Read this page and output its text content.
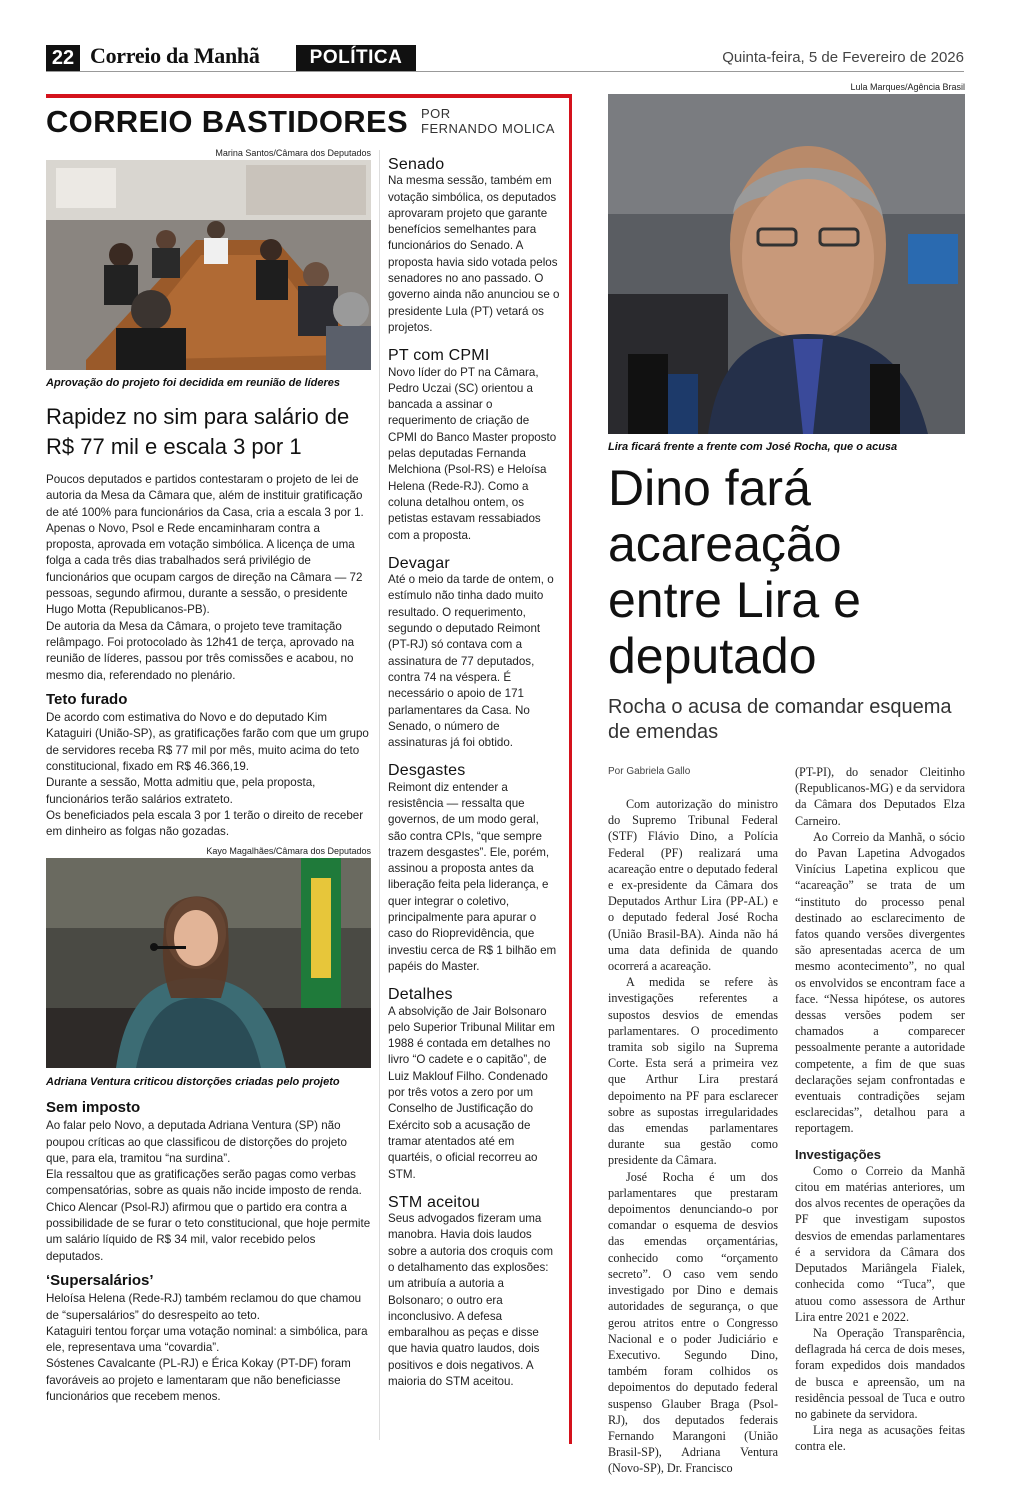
22 Correio da Manhã	POLÍTICA	Quinta-feira, 5 de Fevereiro de 2026
CORREIO BASTIDORES POR
FERNANDO MOLICA
Marina Santos/Câmara dos Deputados
Aprovação do projeto foi decidida em reunião de líderes
Rapidez no sim para salário de R$ 77 mil e escala 3 por 1

Poucos deputados e partidos contestaram o projeto de lei de autoria da Mesa da Câmara que, além de instituir gratificação de até 100% para funcionários da Casa, cria a escala 3 por 1. Apenas o Novo, Psol e Rede encaminharam contra a proposta, aprovada em votação simbólica. A licença de uma folga a cada três dias trabalhados será privilégio de funcionários que ocupam cargos de direção na Câmara — 72 pessoas, segundo afirmou, durante a sessão, o presidente Hugo Motta (Republicanos-PB).

De autoria da Mesa da Câmara, o projeto teve tramitação relâmpago. Foi protocolado às 12h41 de terça, aprovado na reunião de líderes, passou por três comissões e acabou, no mesmo dia, referendado no plenário.

Teto furado

De acordo com estimativa do Novo e do deputado Kim Kataguiri (União-SP), as gratificações farão com que um grupo de servidores receba R$ 77 mil por mês, muito acima do teto constitucional, fixado em R$ 46.366,19.

Durante a sessão, Motta admitiu que, pela proposta, funcionários terão salários extrateto.

Os beneficiados pela escala 3 por 1 terão o direito de receber em dinheiro as folgas não gozadas.

Kayo Magalhães/Câmara dos Deputados
Adriana Ventura criticou distorções criadas pelo projeto
Sem imposto

Ao falar pelo Novo, a deputada Adriana Ventura (SP) não poupou críticas ao que classificou de distorções do projeto que, para ela, tramitou “na surdina”.

Ela ressaltou que as gratificações serão pagas como verbas compensatórias, sobre as quais não incide imposto de renda.

Chico Alencar (Psol-RJ) afirmou que o partido era contra a possibilidade de se furar o teto constitucional, que hoje permite um salário líquido de R$ 34 mil, valor recebido pelos deputados.

‘Supersalários’

Heloísa Helena (Rede-RJ) também reclamou do que chamou de “supersalários” do desrespeito ao teto.

Kataguiri tentou forçar uma votação nominal: a simbólica, para ele, representava uma “covardia”.

Sóstenes Cavalcante (PL-RJ) e Érica Kokay (PT-DF) foram favoráveis ao projeto e lamentaram que não beneficiasse funcionários que recebem menos.

Senado

Na mesma sessão, também em votação simbólica, os deputados aprovaram projeto que garante benefícios semelhantes para funcionários do Senado. A proposta havia sido votada pelos senadores no ano passado. O governo ainda não anunciou se o presidente Lula (PT) vetará os projetos.

PT com CPMI

Novo líder do PT na Câmara, Pedro Uczai (SC) orientou a bancada a assinar o requerimento de criação de CPMI do Banco Master proposto pelas deputadas Fernanda Melchiona (Psol-RS) e Heloísa Helena (Rede-RJ). Como a coluna detalhou ontem, os petistas estavam ressabiados com a proposta.

Devagar

Até o meio da tarde de ontem, o estímulo não tinha dado muito resultado. O requerimento, segundo o deputado Reimont (PT-RJ) só contava com a assinatura de 77 deputados, contra 74 na véspera. É necessário o apoio de 171 parlamentares da Casa. No Senado, o número de assinaturas já foi obtido.

Desgastes

Reimont diz entender a resistência — ressalta que governos, de um modo geral, são contra CPIs, “que sempre trazem desgastes”. Ele, porém, assinou a proposta antes da liberação feita pela liderança, e quer integrar o coletivo, principalmente para apurar o caso do Rioprevidência, que investiu cerca de R$ 1 bilhão em papéis do Master.

Detalhes

A absolvição de Jair Bolsonaro pelo Superior Tribunal Militar em 1988 é contada em detalhes no livro “O cadete e o capitão”, de Luiz Maklouf Filho. Condenado por três votos a zero por um Conselho de Justificação do Exército sob a acusação de tramar atentados até em quartéis, o oficial recorreu ao STM.

STM aceitou

Seus advogados fizeram uma manobra. Havia dois laudos sobre a autoria dos croquis com o detalhamento das explosões: um atribuía a autoria a Bolsonaro; o outro era inconclusivo. A defesa embaralhou as peças e disse que havia quatro laudos, dois positivos e dois negativos. A maioria do STM aceitou.

Lula Marques/Agência Brasil
Lira ficará frente a frente com José Rocha, que o acusa
Dino fará acareação entre Lira e deputado
Rocha o acusa de comandar esquema de emendas
Por Gabriela Gallo

Com autorização do ministro do Supremo Tribunal Federal (STF) Flávio Dino, a Polícia Federal (PF) realizará uma acareação entre o deputado federal e ex-presidente da Câmara dos Deputados Arthur Lira (PP-AL) e o deputado federal José Rocha (União Brasil-BA). Ainda não há uma data definida de quando ocorrerá a acareação.

A medida se refere às investigações referentes a supostos desvios de emendas parlamentares. O procedimento tramita sob sigilo na Suprema Corte. Esta será a primeira vez que Arthur Lira prestará depoimento na PF para esclarecer sobre as supostas irregularidades das emendas parlamentares durante sua gestão como presidente da Câmara.

José Rocha é um dos parlamentares que prestaram depoimentos denunciando-o por comandar o esquema de desvios das emendas orçamentárias, conhecido como “orçamento secreto”. O caso vem sendo investigado por Dino e demais autoridades de segurança, o que gerou atritos entre o Congresso Nacional e o poder Judiciário e Executivo. Segundo Dino, também foram colhidos os depoimentos do deputado federal suspenso Glauber Braga (Psol-RJ), dos deputados federais Fernando Marangoni (União Brasil-SP), Adriana Ventura (Novo-SP), Dr. Francisco

(PT-PI), do senador Cleitinho (Republicanos-MG) e da servidora da Câmara dos Deputados Elza Carneiro.

Ao Correio da Manhã, o sócio do Pavan Lapetina Advogados Vinícius Lapetina explicou que “acareação” se trata de um “instituto do processo penal destinado ao esclarecimento de fatos quando versões divergentes são apresentadas acerca de um mesmo acontecimento”, no qual os envolvidos se encontram face a face. “Nessa hipótese, os autores dessas versões podem ser chamados a comparecer pessoalmente perante a autoridade competente, a fim de que suas declarações sejam confrontadas e eventuais contradições sejam esclarecidas”, detalhou para a reportagem.

Investigações

Como o Correio da Manhã citou em matérias anteriores, um dos alvos recentes de operações da PF que investigam supostos desvios de emendas parlamentares é a servidora da Câmara dos Deputados Mariângela Fialek, conhecida como “Tuca”, que atuou como assessora de Arthur Lira entre 2021 e 2022.

Na Operação Transparência, deflagrada há cerca de dois meses, foram expedidos dois mandados de busca e apreensão, um na residência pessoal de Tuca e outro no gabinete da servidora.

Lira nega as acusações feitas contra ele.
